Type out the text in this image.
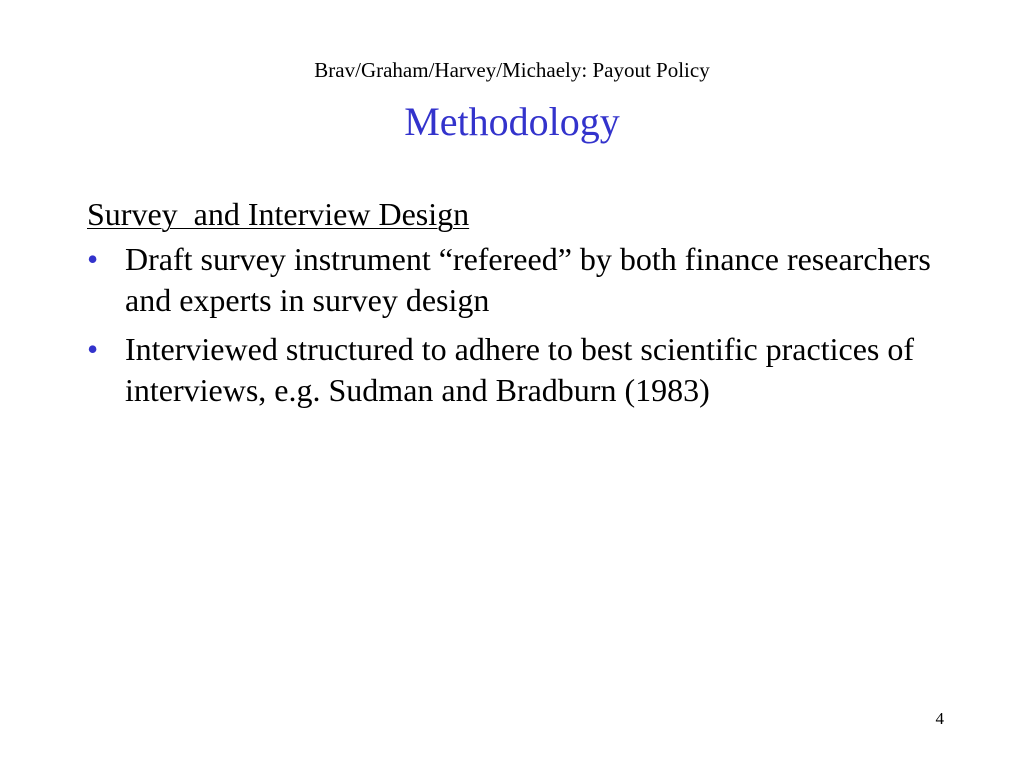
Brav/Graham/Harvey/Michaely: Payout Policy
Methodology
Survey  and Interview Design
• Draft survey instrument “refereed” by both finance researchers and experts in survey design
• Interviewed structured to adhere to best scientific practices of interviews, e.g. Sudman and Bradburn (1983)
4
